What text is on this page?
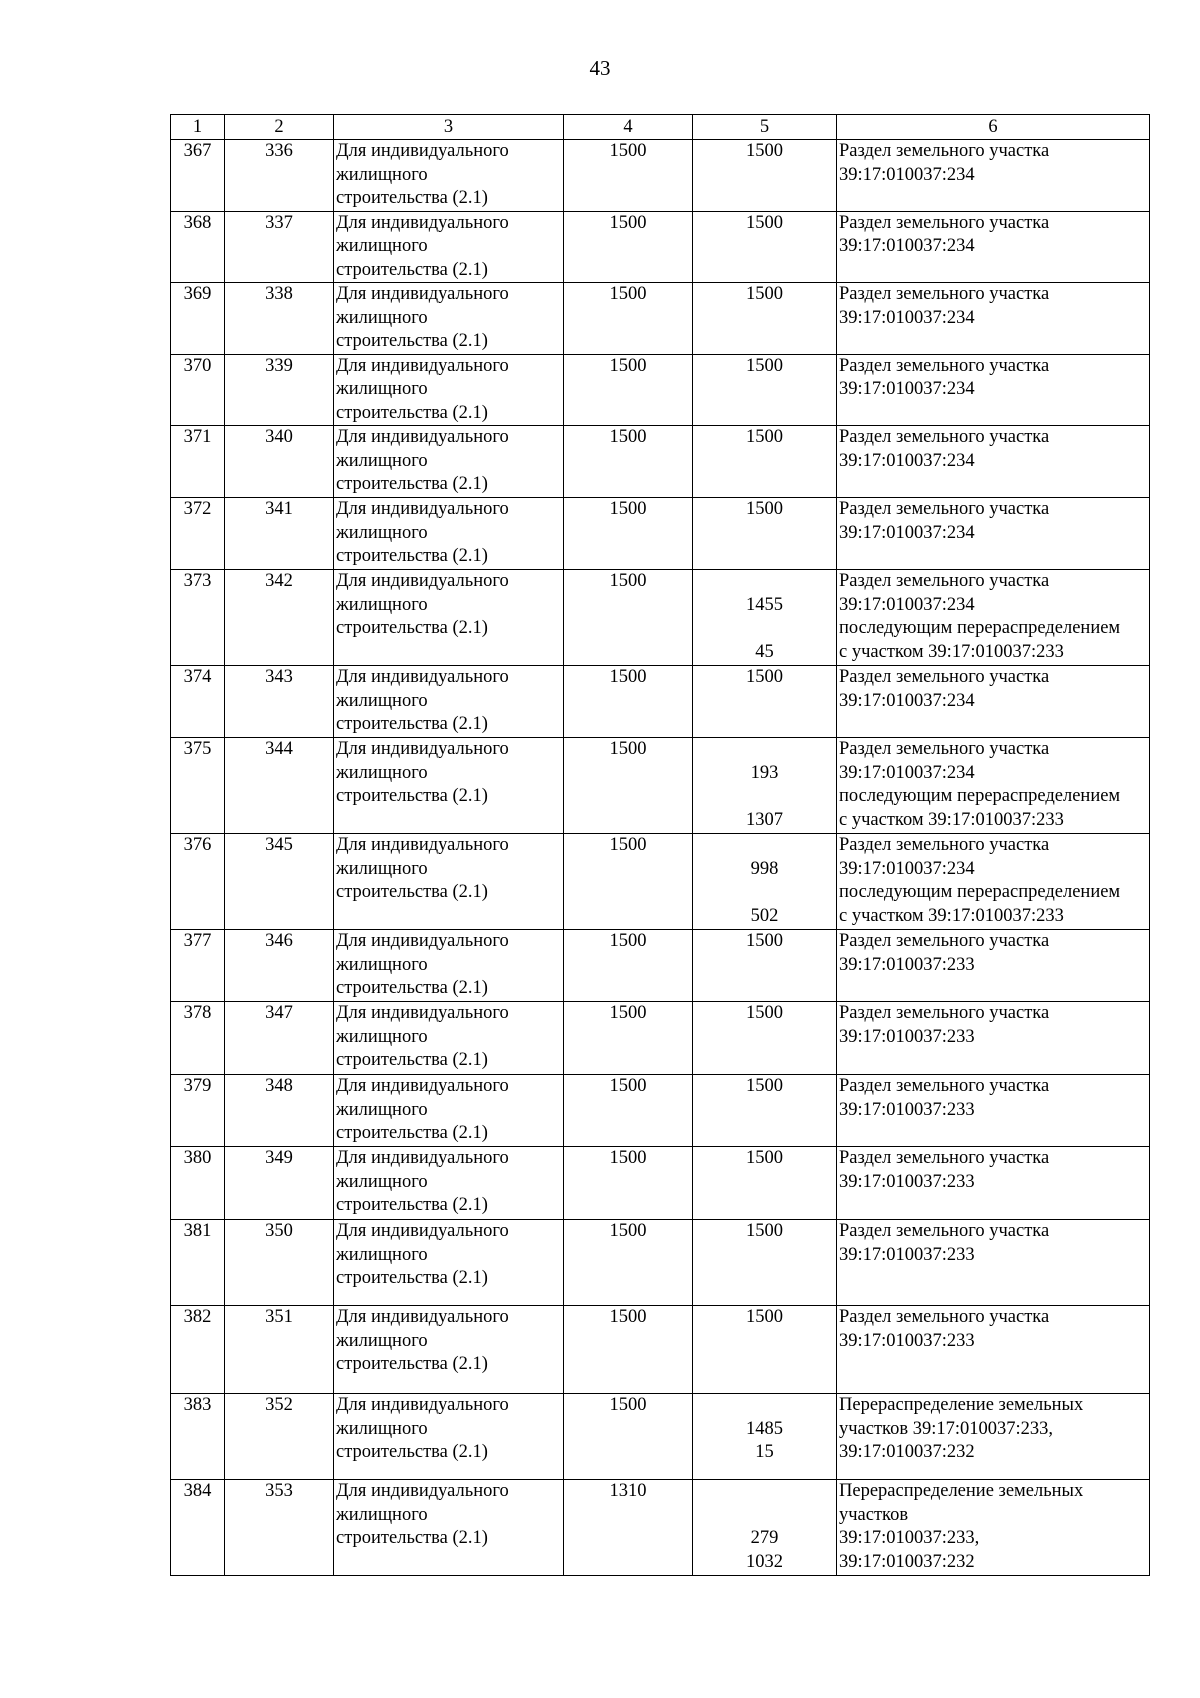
43
1	2	3	4	5	6
367	336	Для индивидуального
жилищного
строительства (2.1)	1500	1500	Раздел земельного участка
39:17:010037:234

368	337	Для индивидуального
жилищного
строительства (2.1)	1500	1500	Раздел земельного участка
39:17:010037:234

369	338	Для индивидуального
жилищного
строительства (2.1)	1500	1500	Раздел земельного участка
39:17:010037:234

370	339	Для индивидуального
жилищного
строительства (2.1)	1500	1500	Раздел земельного участка
39:17:010037:234

371	340	Для индивидуального
жилищного
строительства (2.1)	1500	1500	Раздел земельного участка
39:17:010037:234

372	341	Для индивидуального
жилищного
строительства (2.1)	1500	1500	Раздел земельного участка
39:17:010037:234

373	342	Для индивидуального
жилищного
строительства (2.1)	1500	1455
45	Раздел земельного участка
39:17:010037:234
последующим перераспределением
с участком 39:17:010037:233

374	343	Для индивидуального
жилищного
строительства (2.1)	1500	1500	Раздел земельного участка
39:17:010037:234

375	344	Для индивидуального
жилищного
строительства (2.1)	1500	193
1307	Раздел земельного участка
39:17:010037:234
последующим перераспределением
с участком 39:17:010037:233

376	345	Для индивидуального
жилищного
строительства (2.1)	1500	998
502	Раздел земельного участка
39:17:010037:234
последующим перераспределением
с участком 39:17:010037:233

377	346	Для индивидуального
жилищного
строительства (2.1)	1500	1500	Раздел земельного участка
39:17:010037:233

378	347	Для индивидуального
жилищного
строительства (2.1)	1500	1500	Раздел земельного участка
39:17:010037:233

379	348	Для индивидуального
жилищного
строительства (2.1)	1500	1500	Раздел земельного участка
39:17:010037:233

380	349	Для индивидуального
жилищного
строительства (2.1)	1500	1500	Раздел земельного участка
39:17:010037:233

381	350	Для индивидуального
жилищного
строительства (2.1)	1500	1500	Раздел земельного участка
39:17:010037:233

382	351	Для индивидуального
жилищного
строительства (2.1)	1500	1500	Раздел земельного участка
39:17:010037:233

383	352	Для индивидуального
жилищного
строительства (2.1)	1500	1485
15	Перераспределение земельных
участков 39:17:010037:233,
39:17:010037:232

384	353	Для индивидуального
жилищного
строительства (2.1)	1310	279
1032	Перераспределение земельных
участков
39:17:010037:233,
39:17:010037:232
